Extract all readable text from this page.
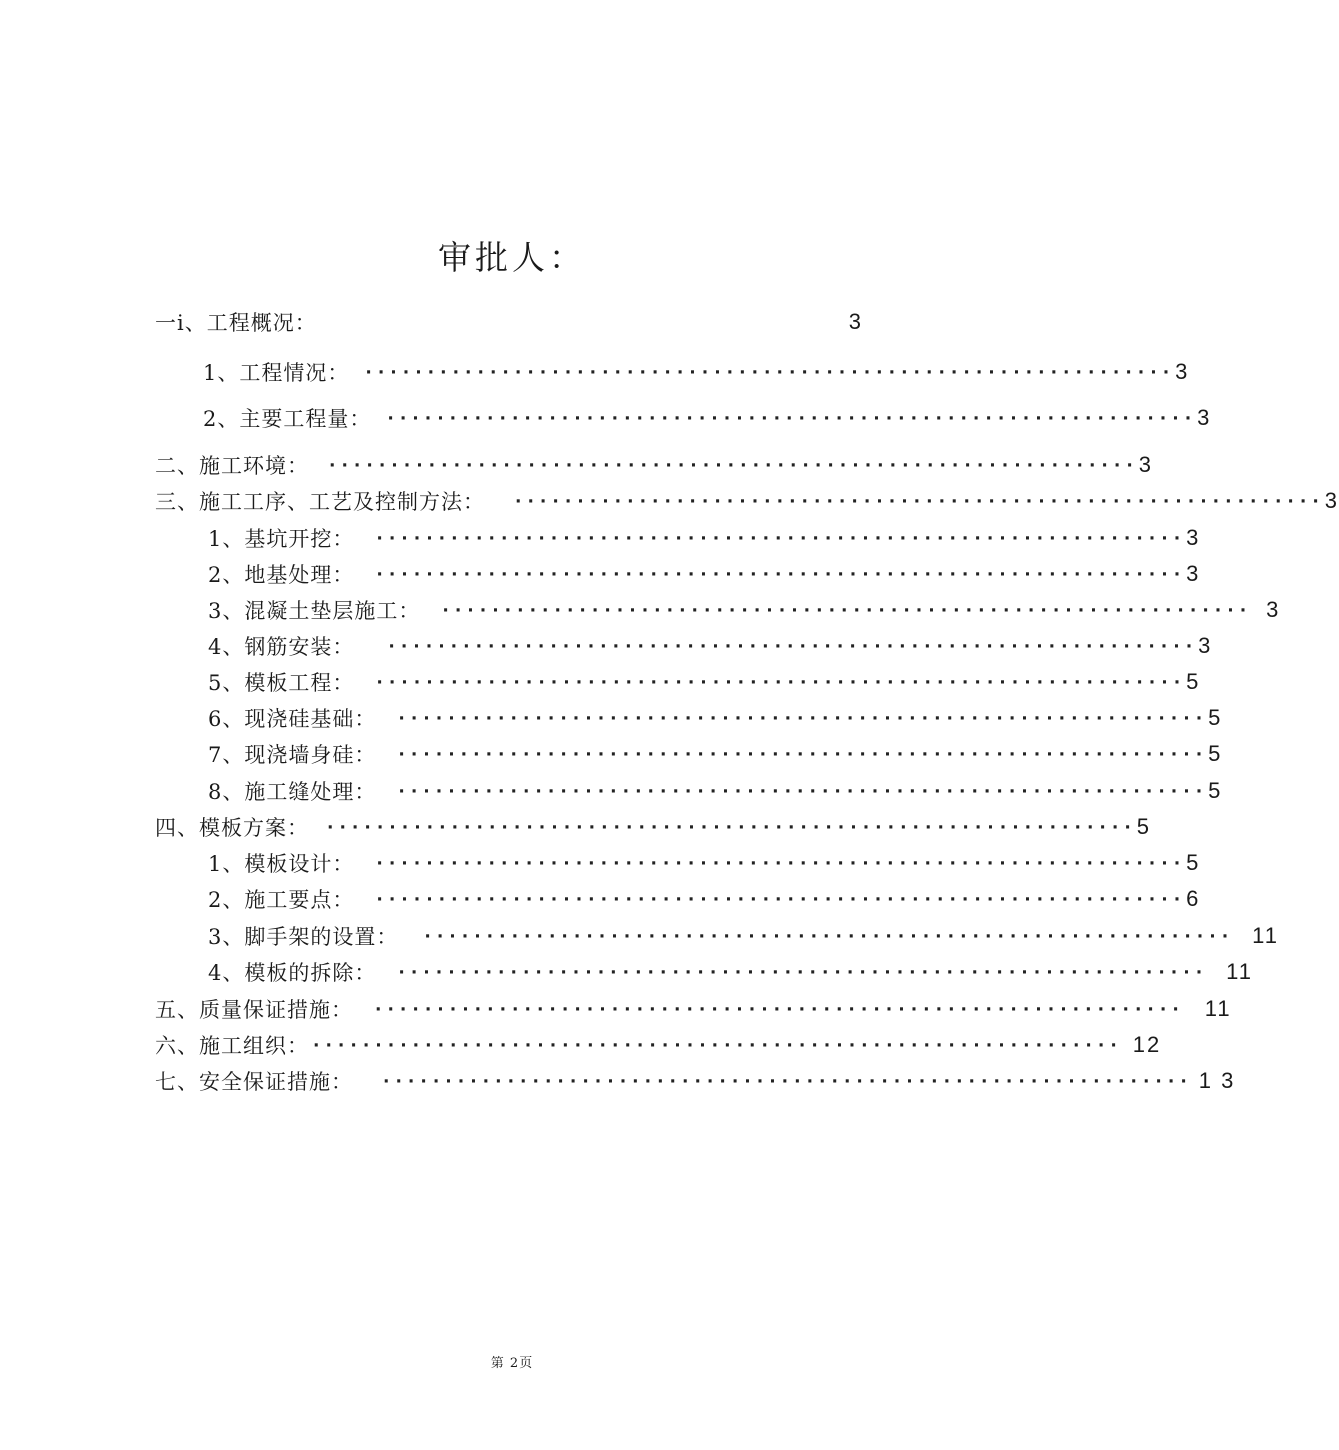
审批人：
一i、工程概况：	3
1、工程情况： ································································· 3
2、主要工程量： ································································· 3
二、施工环境： ································································· 3
三、施工工序、工艺及控制方法： ································································· 3
1、基坑开挖： ································································· 3
2、地基处理： ································································· 3
3、混凝土垫层施工： ································································· 3
4、钢筋安装： ································································· 3
5、模板工程： ································································· 5
6、现浇硅基础： ································································· 5
7、现浇墙身硅： ································································· 5
8、施工缝处理： ································································· 5
四、模板方案： ································································· 5
1、模板设计： ································································· 5
2、施工要点： ································································· 6
3、脚手架的设置： ································································· 11
4、模板的拆除： ································································· 11
五、质量保证措施： ································································· 11
六、施工组织： ································································· 12
七、安全保证措施： ································································· 1 3
第 2页
